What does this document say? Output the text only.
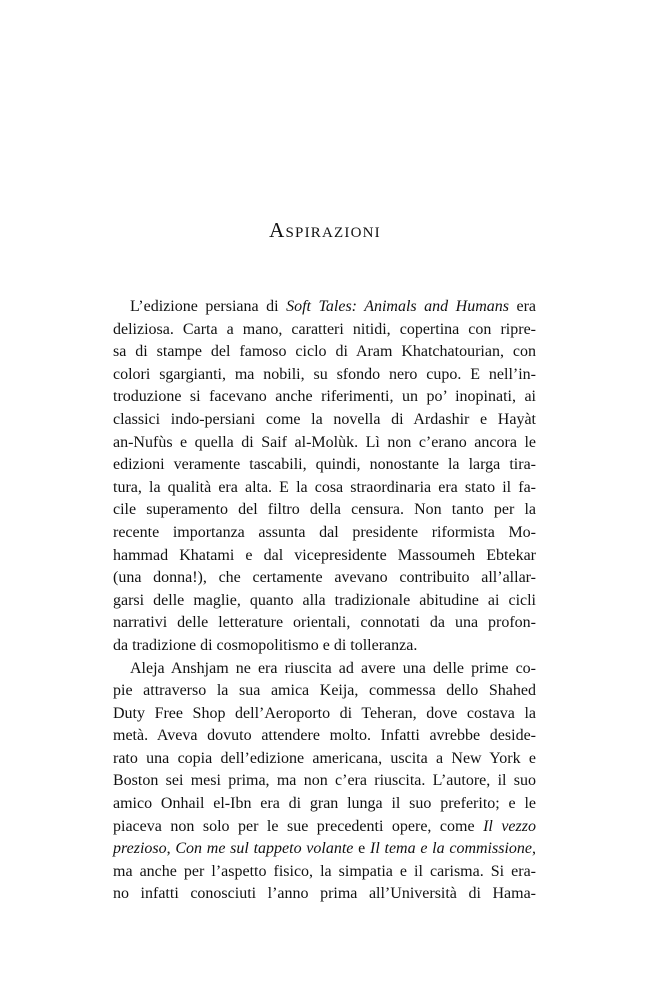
Aspirazioni
L’edizione persiana di Soft Tales: Animals and Humans era
deliziosa. Carta a mano, caratteri nitidi, copertina con ripre-
sa di stampe del famoso ciclo di Aram Khatchatourian, con
colori sgargianti, ma nobili, su sfondo nero cupo. E nell’in-
troduzione si facevano anche riferimenti, un po’ inopinati, ai
classici indo-persiani come la novella di Ardashir e Hayàt
an-Nufùs e quella di Saif al-Molùk. Lì non c’erano ancora le
edizioni veramente tascabili, quindi, nonostante la larga tira-
tura, la qualità era alta. E la cosa straordinaria era stato il fa-
cile superamento del filtro della censura. Non tanto per la
recente importanza assunta dal presidente riformista Mo-
hammad Khatami e dal vicepresidente Massoumeh Ebtekar
(una donna!), che certamente avevano contribuito all’allar-
garsi delle maglie, quanto alla tradizionale abitudine ai cicli
narrativi delle letterature orientali, connotati da una profon-
da tradizione di cosmopolitismo e di tolleranza.
Aleja Anshjam ne era riuscita ad avere una delle prime co-
pie attraverso la sua amica Keija, commessa dello Shahed
Duty Free Shop dell’Aeroporto di Teheran, dove costava la
metà. Aveva dovuto attendere molto. Infatti avrebbe deside-
rato una copia dell’edizione americana, uscita a New York e
Boston sei mesi prima, ma non c’era riuscita. L’autore, il suo
amico Onhail el-Ibn era di gran lunga il suo preferito; e le
piaceva non solo per le sue precedenti opere, come Il vezzo
prezioso, Con me sul tappeto volante e Il tema e la commissione,
ma anche per l’aspetto fisico, la simpatia e il carisma. Si era-
no infatti conosciuti l’anno prima all’Università di Hama-
